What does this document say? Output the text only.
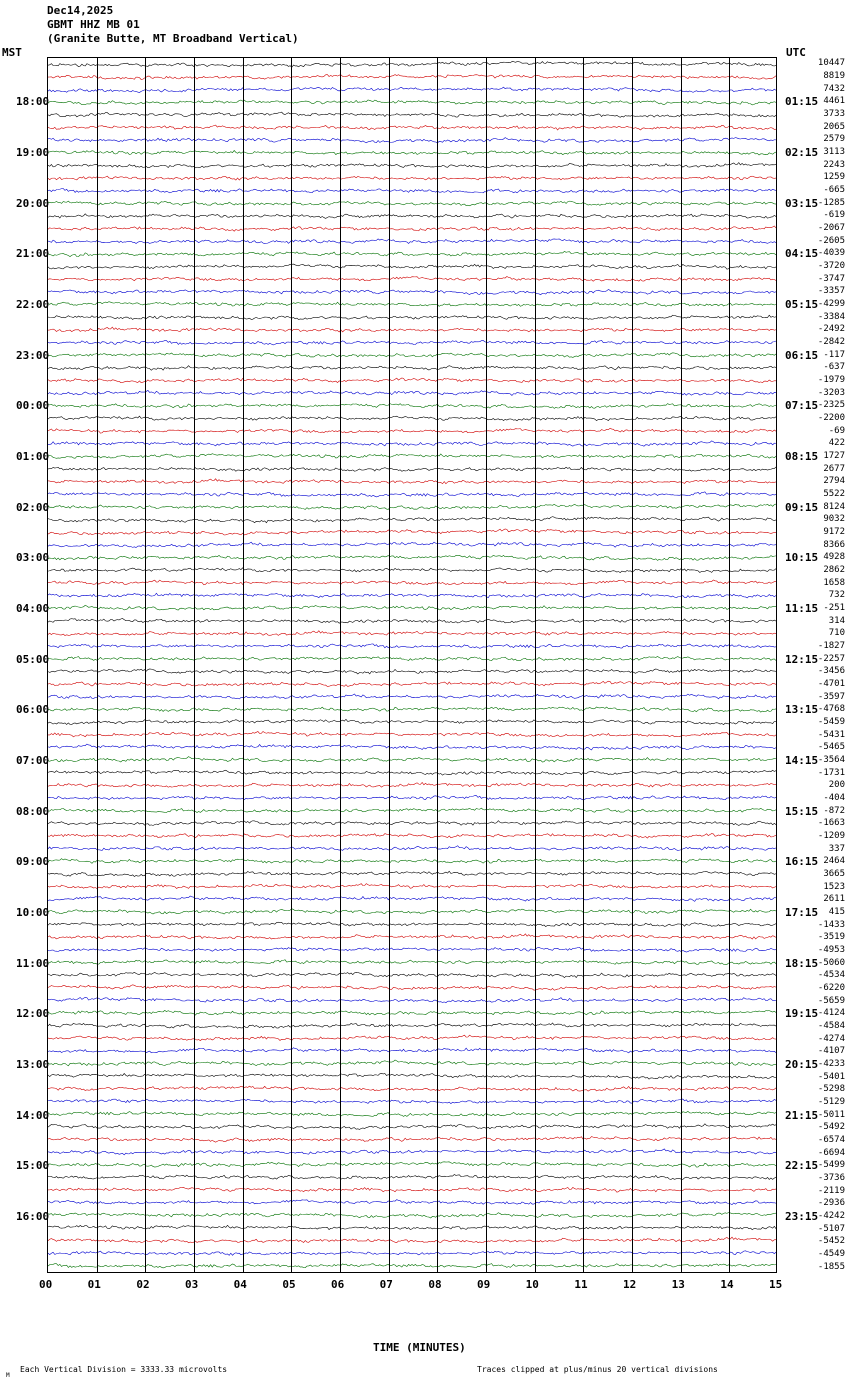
Dec14,2025
GBMT HHZ MB 01
(Granite Butte, MT Broadband Vertical)
MST	UTC
18:00
19:00
20:00
21:00
22:00
23:00
00:00
01:00
02:00
03:00
04:00
05:00
06:00
07:00
08:00
09:00
10:00
11:00
12:00
13:00
14:00
15:00
16:00
01:15
02:15
03:15
04:15
05:15
06:15
07:15
08:15
09:15
10:15
11:15
12:15
13:15
14:15
15:15
16:15
17:15
18:15
19:15
20:15
21:15
22:15
23:15
10447
8819
7432
4461
3733
2065
2579
3113
2243
1259
-665
-1285
-619
-2067
-2605
-4039
-3720
-3747
-3357
-4299
-3384
-2492
-2842
-117
-637
-1979
-3203
-2325
-2200
-69
422
1727
2677
2794
5522
8124
9032
9172
8366
4928
2862
1658
732
-251
314
710
-1827
-2257
-3456
-4701
-3597
-4768
-5459
-5431
-5465
-3564
-1731
200
-404
-872
-1663
-1209
337
2464
3665
1523
2611
415
-1433
-3519
-4953
-5060
-4534
-6220
-5659
-4124
-4584
-4274
-4107
-4233
-5401
-5298
-5129
-5011
-5492
-6574
-6694
-5499
-3736
-2119
-2936
-4242
-5107
-5452
-4549
-1855
00	01	02	03	04	05	06	07	08	09	10	11	12	13	14	15
TIME (MINUTES)
Each Vertical Division = 3333.33 microvolts	Traces clipped at plus/minus 20 vertical divisions
M
